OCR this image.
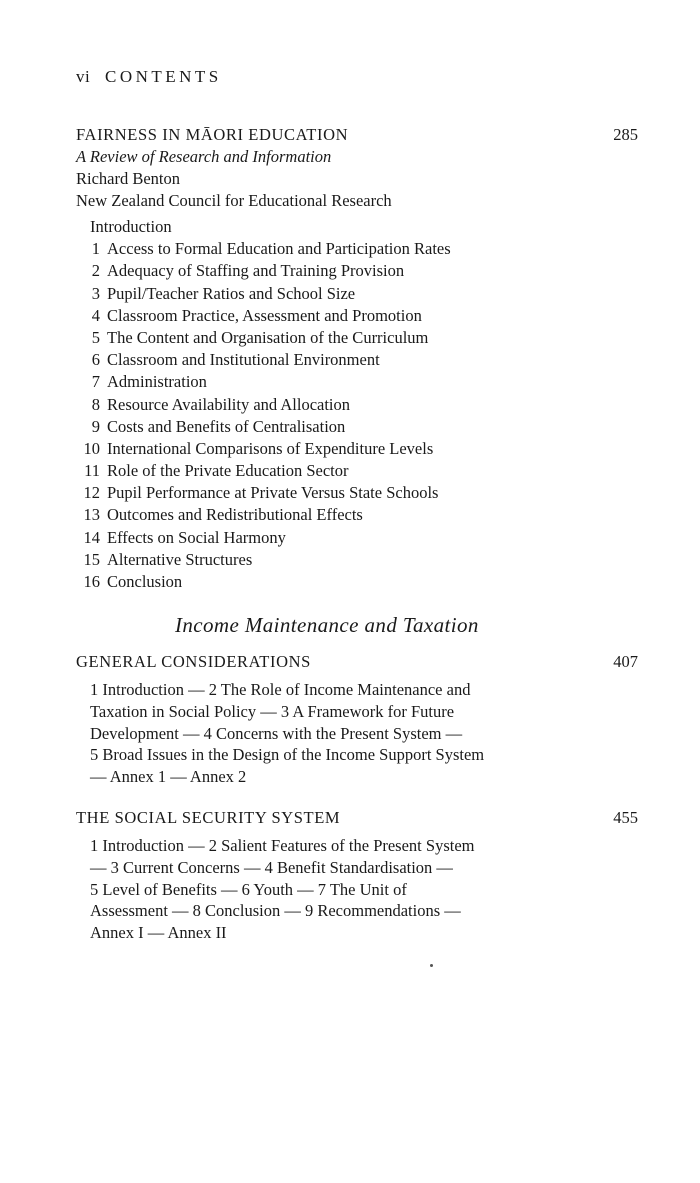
vi CONTENTS
FAIRNESS IN MĀORI EDUCATION	285
A Review of Research and Information
Richard Benton
New Zealand Council for Educational Research
Introduction
1 Access to Formal Education and Participation Rates
2 Adequacy of Staffing and Training Provision
3 Pupil/Teacher Ratios and School Size
4 Classroom Practice, Assessment and Promotion
5 The Content and Organisation of the Curriculum
6 Classroom and Institutional Environment
7 Administration
8 Resource Availability and Allocation
9 Costs and Benefits of Centralisation
10 International Comparisons of Expenditure Levels
11 Role of the Private Education Sector
12 Pupil Performance at Private Versus State Schools
13 Outcomes and Redistributional Effects
14 Effects on Social Harmony
15 Alternative Structures
16 Conclusion
Income Maintenance and Taxation
GENERAL CONSIDERATIONS	407
1 Introduction — 2 The Role of Income Maintenance and
Taxation in Social Policy — 3 A Framework for Future
Development — 4 Concerns with the Present System —
5 Broad Issues in the Design of the Income Support System
— Annex 1 — Annex 2
THE SOCIAL SECURITY SYSTEM	455
1 Introduction — 2 Salient Features of the Present System
— 3 Current Concerns — 4 Benefit Standardisation —
5 Level of Benefits — 6 Youth — 7 The Unit of
Assessment — 8 Conclusion — 9 Recommendations —
Annex I — Annex II
